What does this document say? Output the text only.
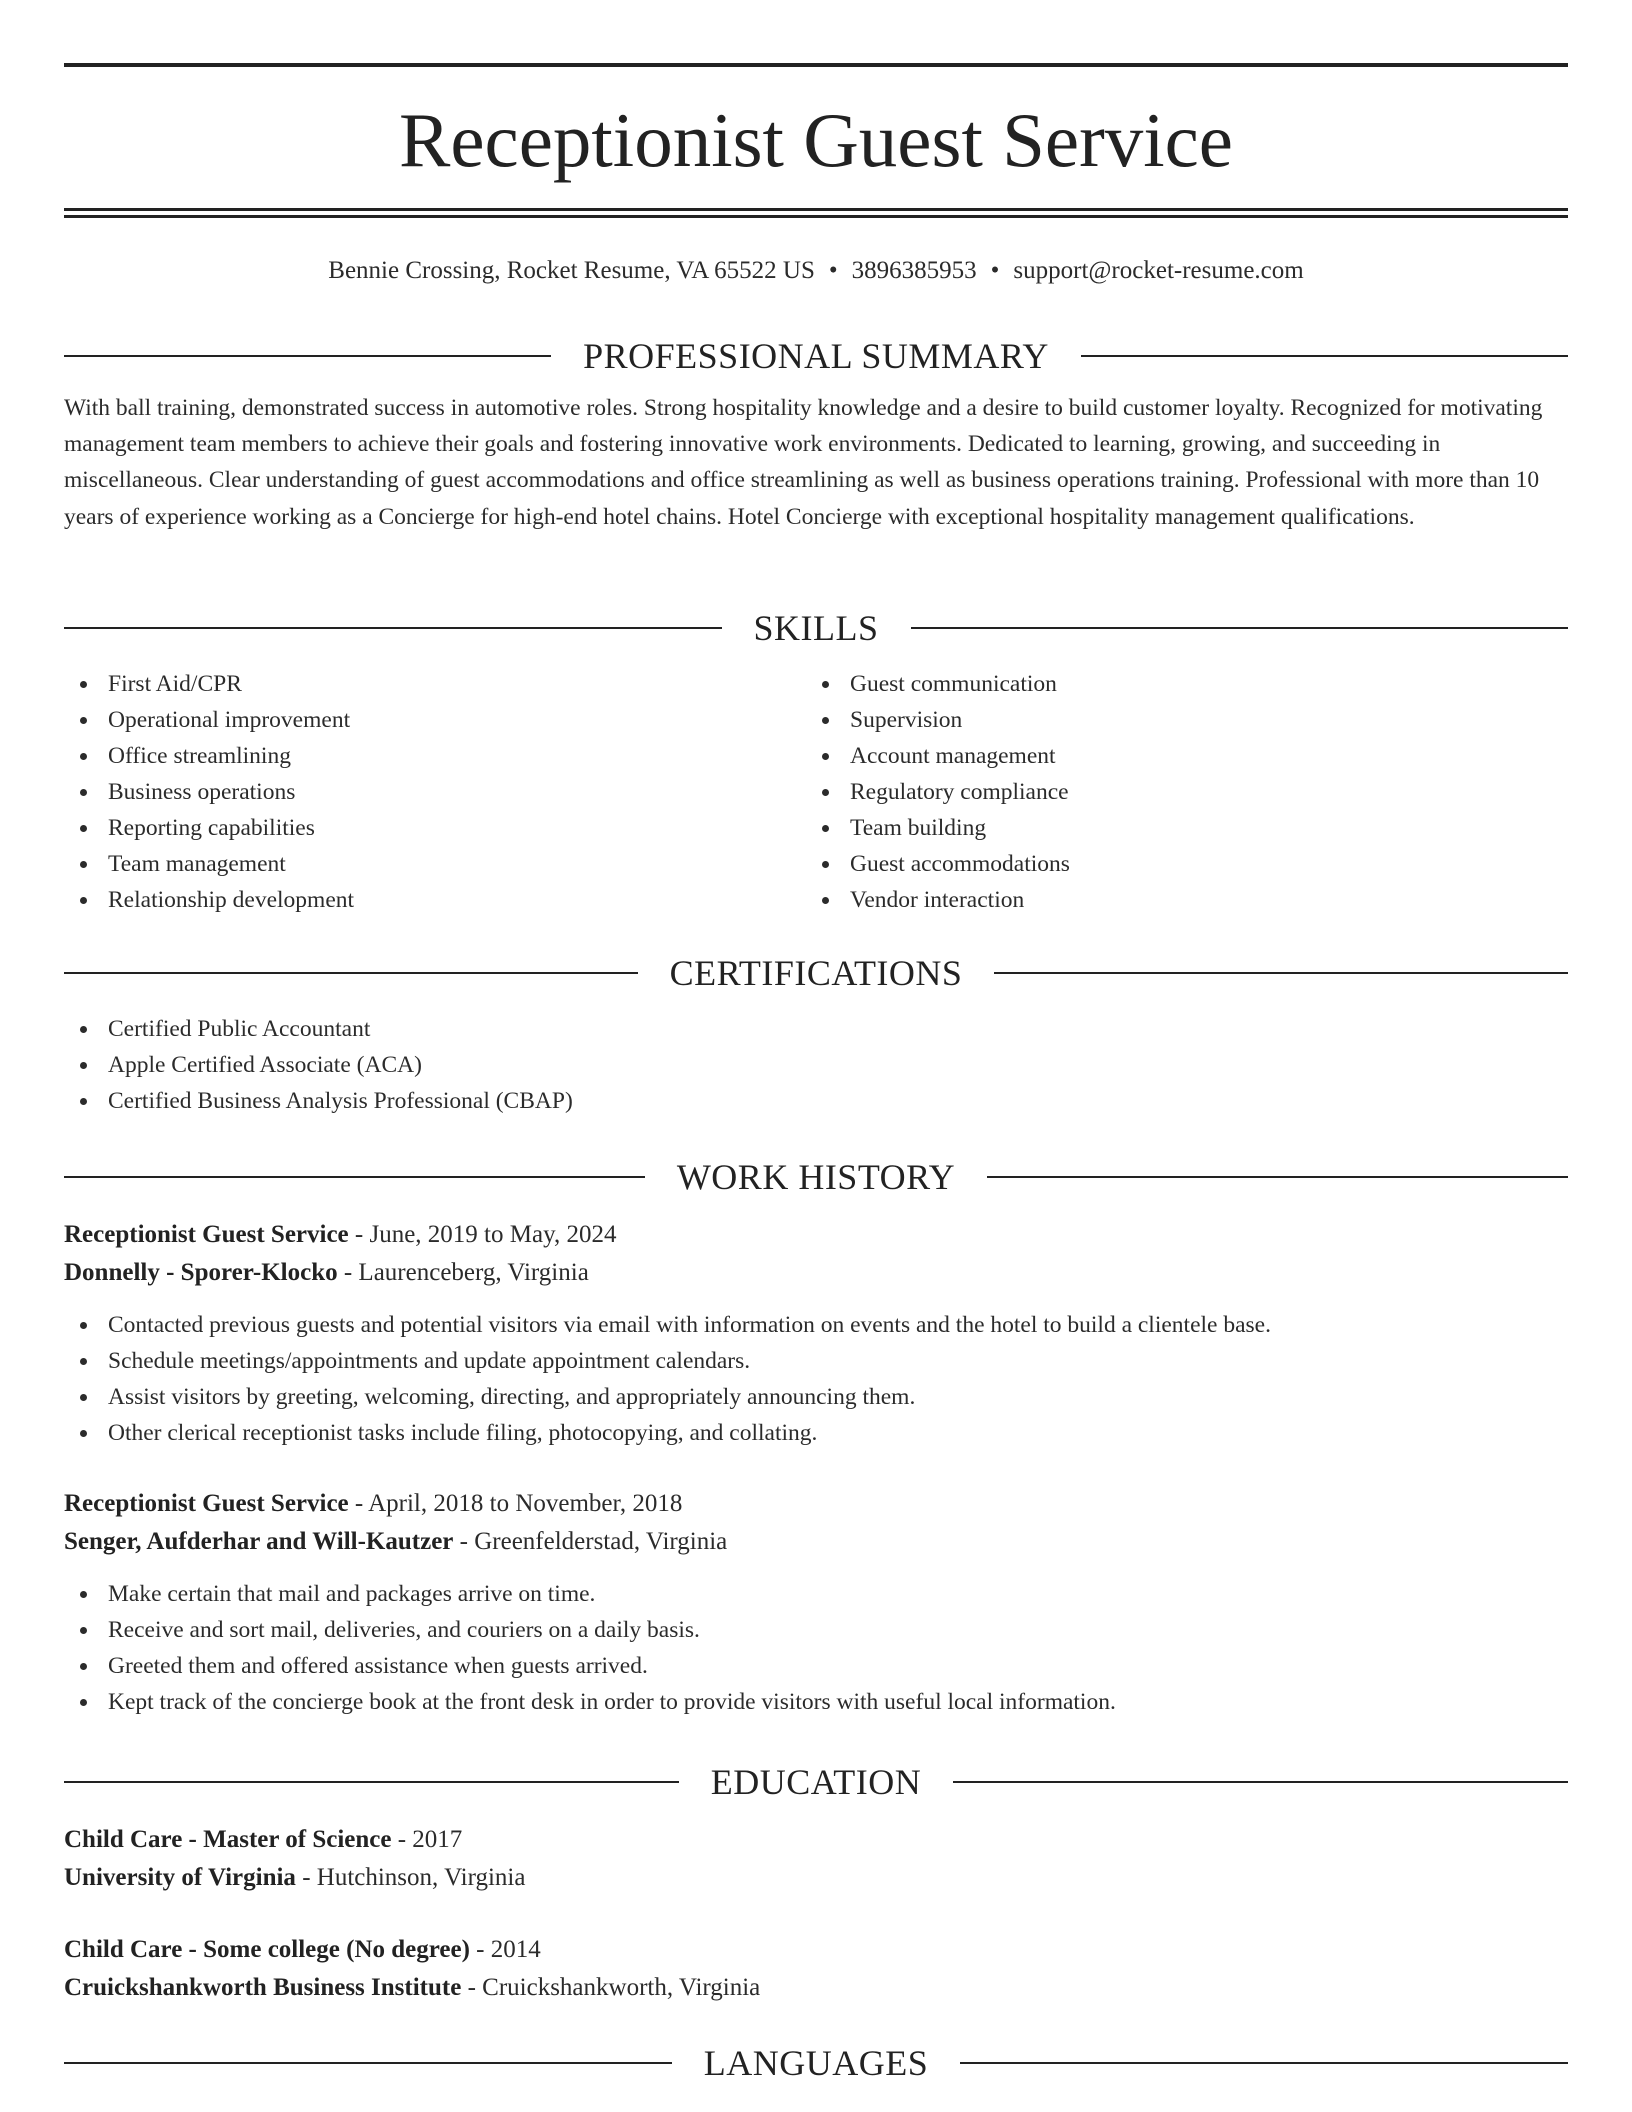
Receptionist Guest Service
Bennie Crossing, Rocket Resume, VA 65522 US • 3896385953 • support@rocket-resume.com
PROFESSIONAL SUMMARY

With ball training, demonstrated success in automotive roles. Strong hospitality knowledge and a desire to build customer loyalty. Recognized for motivating management team members to achieve their goals and fostering innovative work environments. Dedicated to learning, growing, and succeeding in miscellaneous. Clear understanding of guest accommodations and office streamlining as well as business operations training. Professional with more than 10 years of experience working as a Concierge for high-end hotel chains. Hotel Concierge with exceptional hospitality management qualifications.

SKILLS
First Aid/CPR
Operational improvement
Office streamlining
Business operations
Reporting capabilities
Team management
Relationship development
Guest communication
Supervision
Account management
Regulatory compliance
Team building
Guest accommodations
Vendor interaction
CERTIFICATIONS
Certified Public Accountant
Apple Certified Associate (ACA)
Certified Business Analysis Professional (CBAP)
WORK HISTORY
Receptionist Guest Service - June, 2019 to May, 2024
Donnelly - Sporer-Klocko - Laurenceberg, Virginia
Contacted previous guests and potential visitors via email with information on events and the hotel to build a clientele base.
Schedule meetings/appointments and update appointment calendars.
Assist visitors by greeting, welcoming, directing, and appropriately announcing them.
Other clerical receptionist tasks include filing, photocopying, and collating.
Receptionist Guest Service - April, 2018 to November, 2018
Senger, Aufderhar and Will-Kautzer - Greenfelderstad, Virginia
Make certain that mail and packages arrive on time.
Receive and sort mail, deliveries, and couriers on a daily basis.
Greeted them and offered assistance when guests arrived.
Kept track of the concierge book at the front desk in order to provide visitors with useful local information.
EDUCATION
Child Care - Master of Science - 2017
University of Virginia - Hutchinson, Virginia
Child Care - Some college (No degree) - 2014
Cruickshankworth Business Institute - Cruickshankworth, Virginia
LANGUAGES
